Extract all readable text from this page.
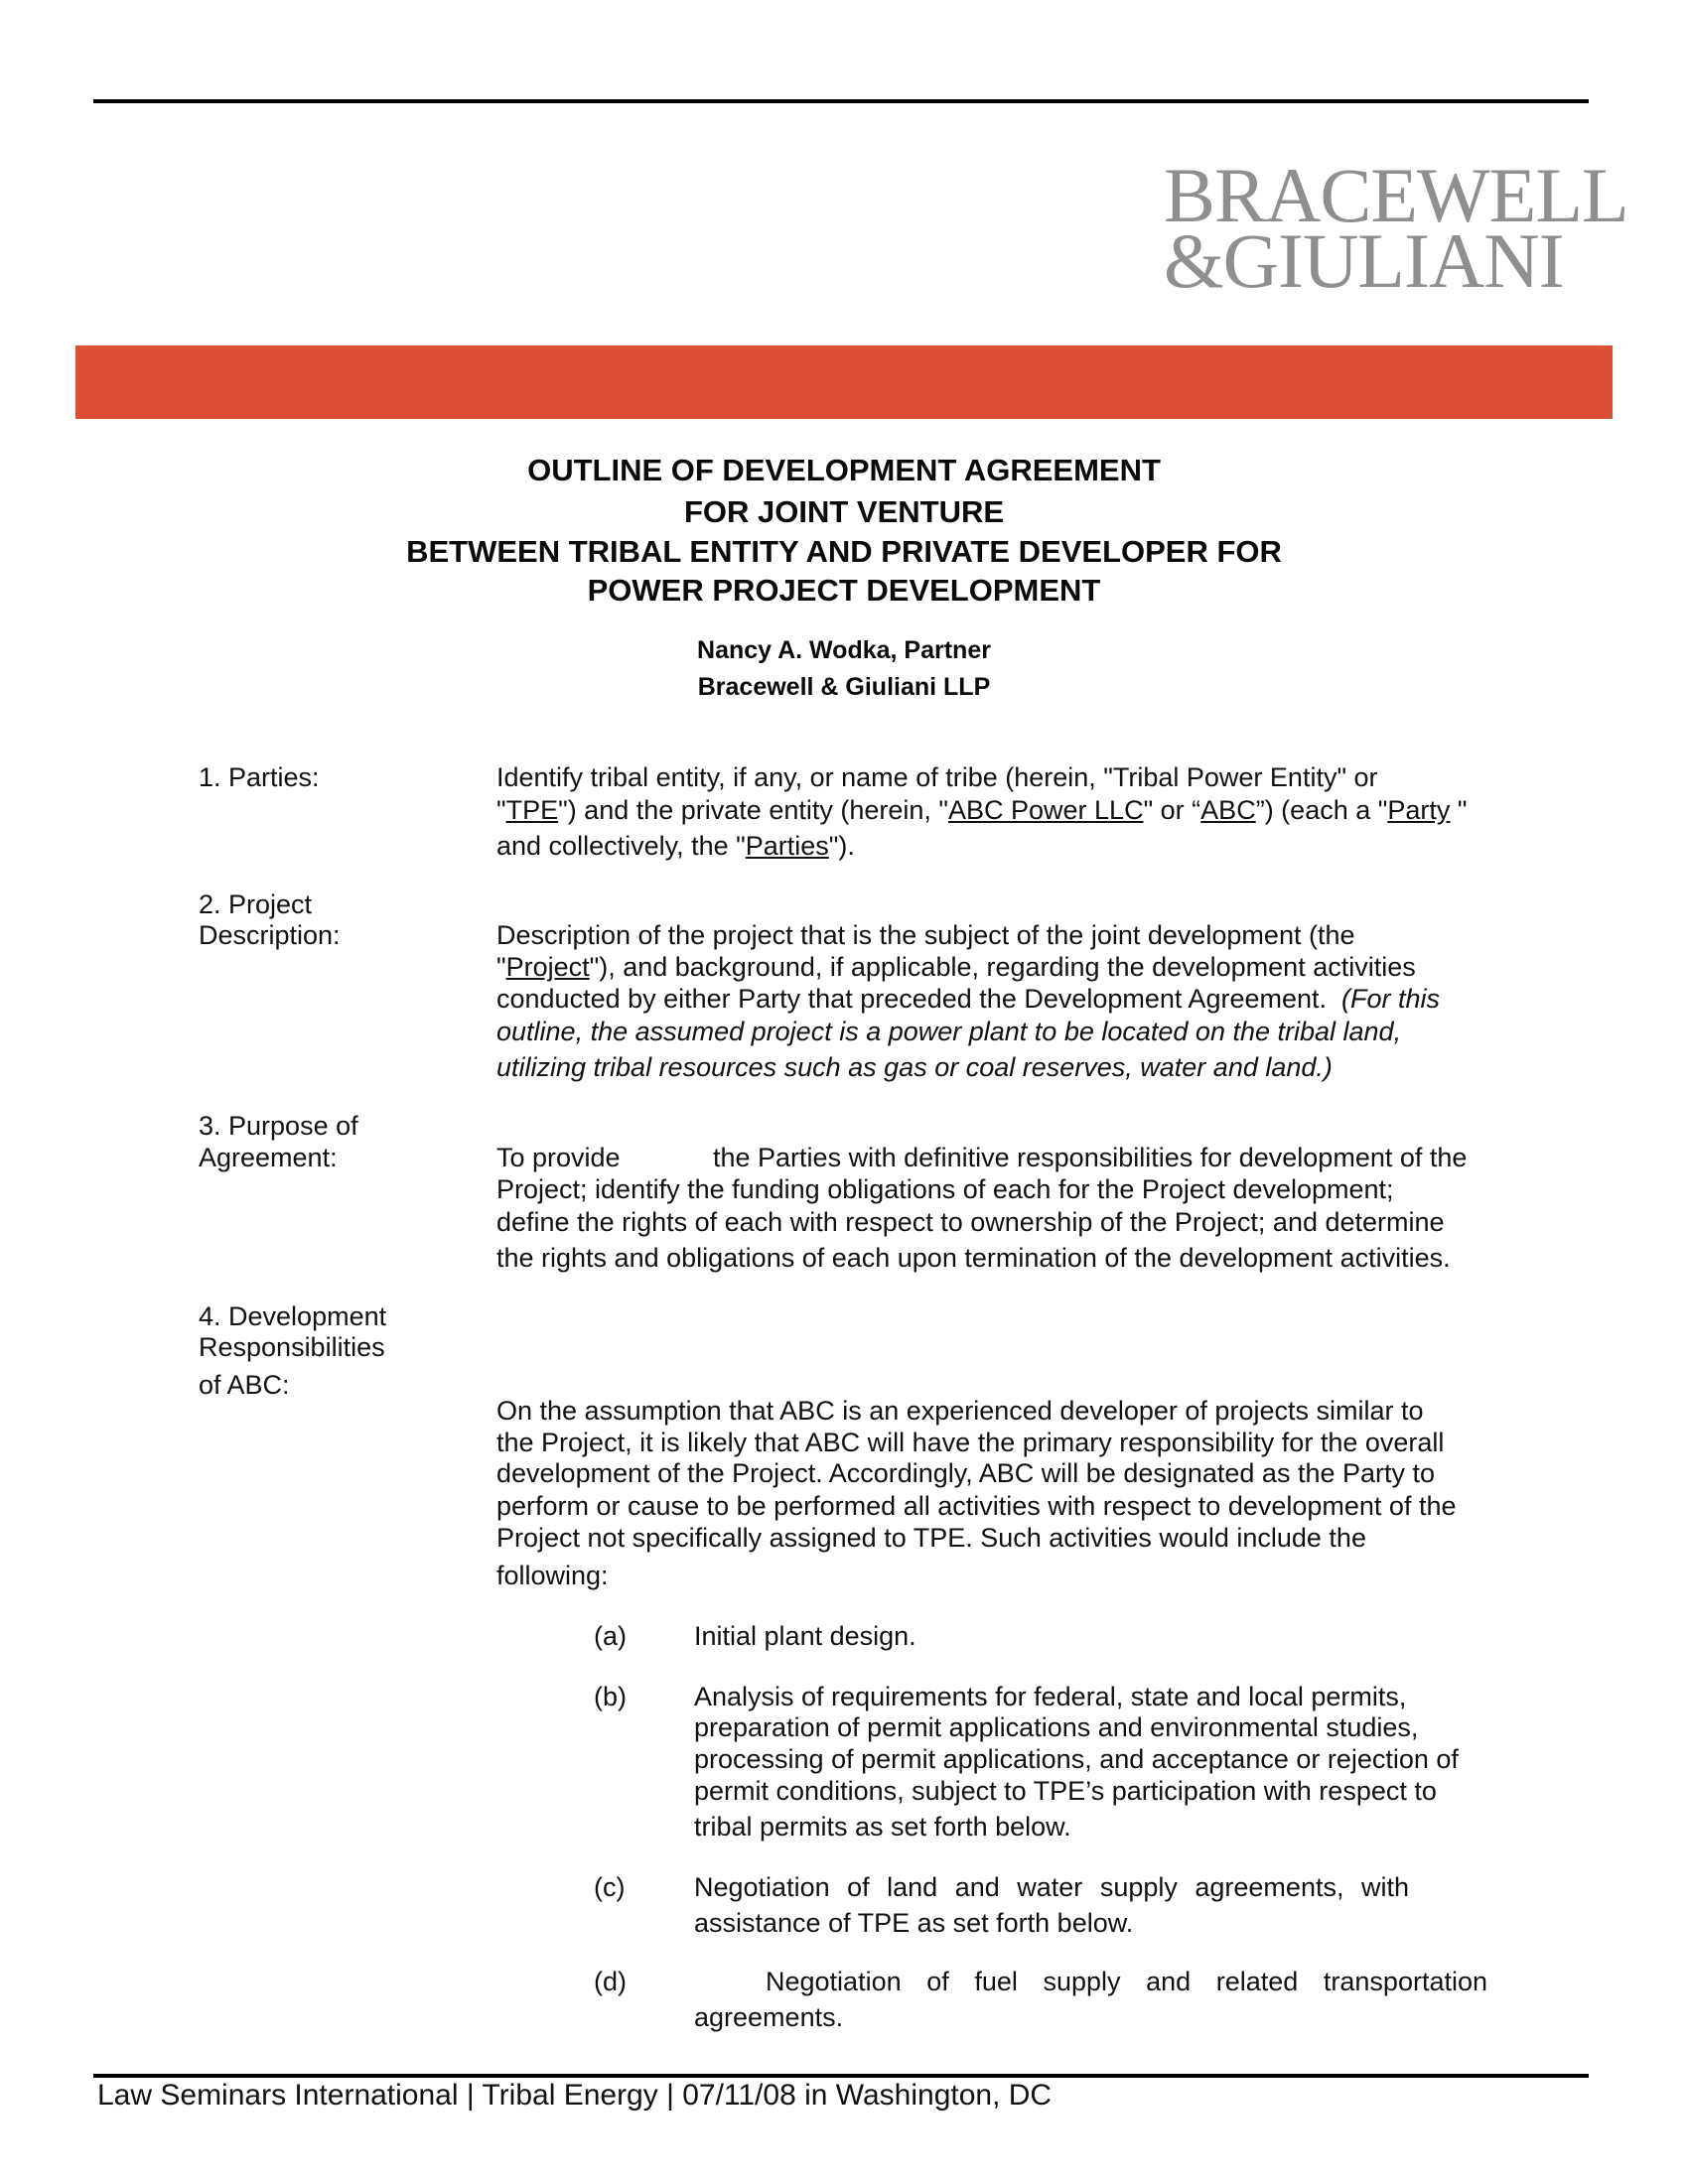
BRACEWELL
&GIULIANI
OUTLINE OF DEVELOPMENT AGREEMENT
FOR JOINT VENTURE
BETWEEN TRIBAL ENTITY AND PRIVATE DEVELOPER FOR
POWER PROJECT DEVELOPMENT
Nancy A. Wodka, Partner
Bracewell & Giuliani LLP
1. Parties:	Identify tribal entity, if any, or name of tribe (herein, "Tribal Power Entity" or
"TPE") and the private entity (herein, "ABC Power LLC" or “ABC”) (each a "Party "
and collectively, the "Parties").
2. Project
Description:	Description of the project that is the subject of the joint development (the
"Project"), and background, if applicable, regarding the development activities
conducted by either Party that preceded the Development Agreement.  (For this
outline, the assumed project is a power plant to be located on the tribal land,
utilizing tribal resources such as gas or coal reserves, water and land.)
3. Purpose of
Agreement:	To provide	the Parties with definitive responsibilities for development of the
Project; identify the funding obligations of each for the Project development;
define the rights of each with respect to ownership of the Project; and determine
the rights and obligations of each upon termination of the development activities.
4. Development
Responsibilities
of ABC:
On the assumption that ABC is an experienced developer of projects similar to
the Project, it is likely that ABC will have the primary responsibility for the overall
development of the Project. Accordingly, ABC will be designated as the Party to
perform or cause to be performed all activities with respect to development of the
Project not specifically assigned to TPE. Such activities would include the
following:
(a)	Initial plant design.
(b)	Analysis of requirements for federal, state and local permits,
preparation of permit applications and environmental studies,
processing of permit applications, and acceptance or rejection of
permit conditions, subject to TPE’s participation with respect to
tribal permits as set forth below.
(c)	Negotiation of land and water supply agreements, with
assistance of TPE as set forth below.
(d)	Negotiation of fuel supply and related transportation
agreements.
Law Seminars International | Tribal Energy | 07/11/08 in Washington, DC
